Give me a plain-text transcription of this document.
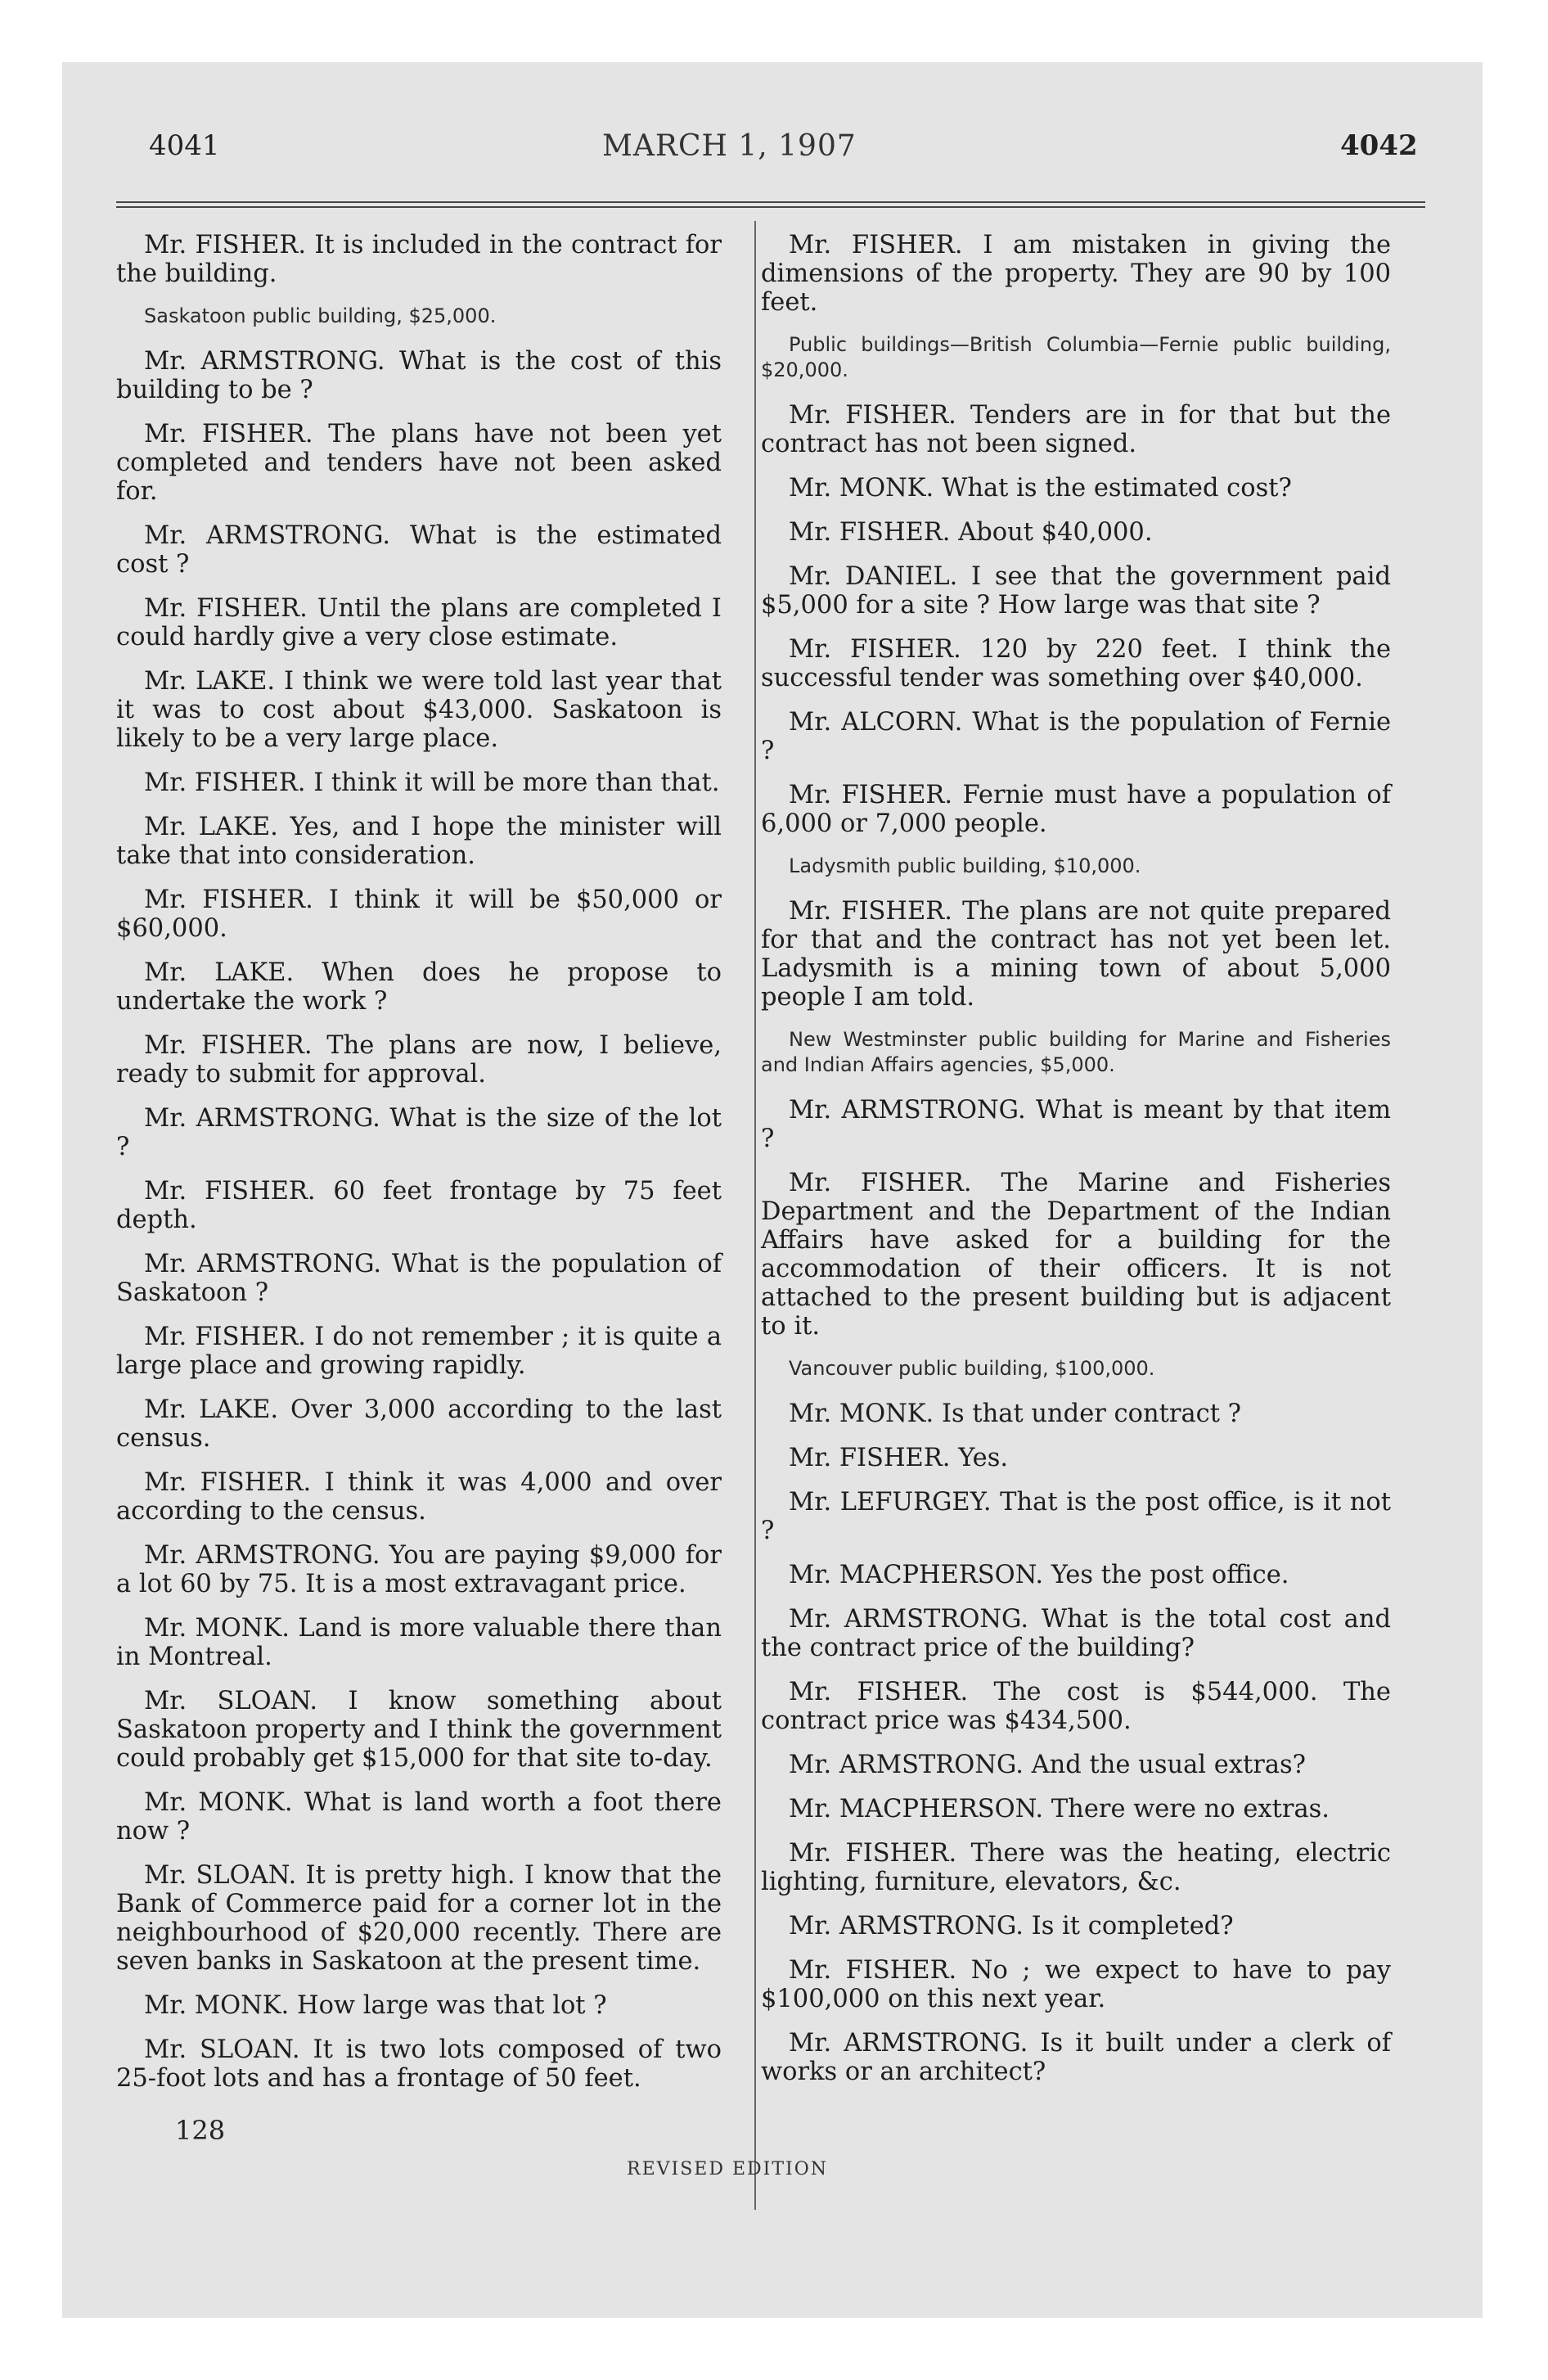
4041	MARCH 1, 1907	4042

Mr. FISHER. It is included in the contract for the building.

Saskatoon public building, $25,000.

Mr. ARMSTRONG. What is the cost of this building to be ?

Mr. FISHER. The plans have not been yet completed and tenders have not been asked for.

Mr. ARMSTRONG. What is the estimated cost ?

Mr. FISHER. Until the plans are completed I could hardly give a very close estimate.

Mr. LAKE. I think we were told last year that it was to cost about $43,000. Saskatoon is likely to be a very large place.

Mr. FISHER. I think it will be more than that.

Mr. LAKE. Yes, and I hope the minister will take that into consideration.

Mr. FISHER. I think it will be $50,000 or $60,000.

Mr. LAKE. When does he propose to undertake the work ?

Mr. FISHER. The plans are now, I believe, ready to submit for approval.

Mr. ARMSTRONG. What is the size of the lot ?

Mr. FISHER. 60 feet frontage by 75 feet depth.

Mr. ARMSTRONG. What is the population of Saskatoon ?

Mr. FISHER. I do not remember ; it is quite a large place and growing rapidly.

Mr. LAKE. Over 3,000 according to the last census.

Mr. FISHER. I think it was 4,000 and over according to the census.

Mr. ARMSTRONG. You are paying $9,000 for a lot 60 by 75. It is a most extravagant price.

Mr. MONK. Land is more valuable there than in Montreal.

Mr. SLOAN. I know something about Saskatoon property and I think the government could probably get $15,000 for that site to-day.

Mr. MONK. What is land worth a foot there now ?

Mr. SLOAN. It is pretty high. I know that the Bank of Commerce paid for a corner lot in the neighbourhood of $20,000 recently. There are seven banks in Saskatoon at the present time.

Mr. MONK. How large was that lot ?

Mr. SLOAN. It is two lots composed of two 25-foot lots and has a frontage of 50 feet.

Mr. FISHER. I am mistaken in giving the dimensions of the property. They are 90 by 100 feet.

Public buildings—British Columbia—Fernie public building, $20,000.

Mr. FISHER. Tenders are in for that but the contract has not been signed.

Mr. MONK. What is the estimated cost?

Mr. FISHER. About $40,000.

Mr. DANIEL. I see that the government paid $5,000 for a site ? How large was that site ?

Mr. FISHER. 120 by 220 feet. I think the successful tender was something over $40,000.

Mr. ALCORN. What is the population of Fernie ?

Mr. FISHER. Fernie must have a population of 6,000 or 7,000 people.

Ladysmith public building, $10,000.

Mr. FISHER. The plans are not quite prepared for that and the contract has not yet been let. Ladysmith is a mining town of about 5,000 people I am told.

New Westminster public building for Marine and Fisheries and Indian Affairs agencies, $5,000.

Mr. ARMSTRONG. What is meant by that item ?

Mr. FISHER. The Marine and Fisheries Department and the Department of the Indian Affairs have asked for a building for the accommodation of their officers. It is not attached to the present building but is adjacent to it.

Vancouver public building, $100,000.

Mr. MONK. Is that under contract ?

Mr. FISHER. Yes.

Mr. LEFURGEY. That is the post office, is it not ?

Mr. MACPHERSON. Yes the post office.

Mr. ARMSTRONG. What is the total cost and the contract price of the building?

Mr. FISHER. The cost is $544,000. The contract price was $434,500.

Mr. ARMSTRONG. And the usual extras?

Mr. MACPHERSON. There were no extras.

Mr. FISHER. There was the heating, electric lighting, furniture, elevators, &c.

Mr. ARMSTRONG. Is it completed?

Mr. FISHER. No ; we expect to have to pay $100,000 on this next year.

Mr. ARMSTRONG. Is it built under a clerk of works or an architect?

128
REVISED EDITION
